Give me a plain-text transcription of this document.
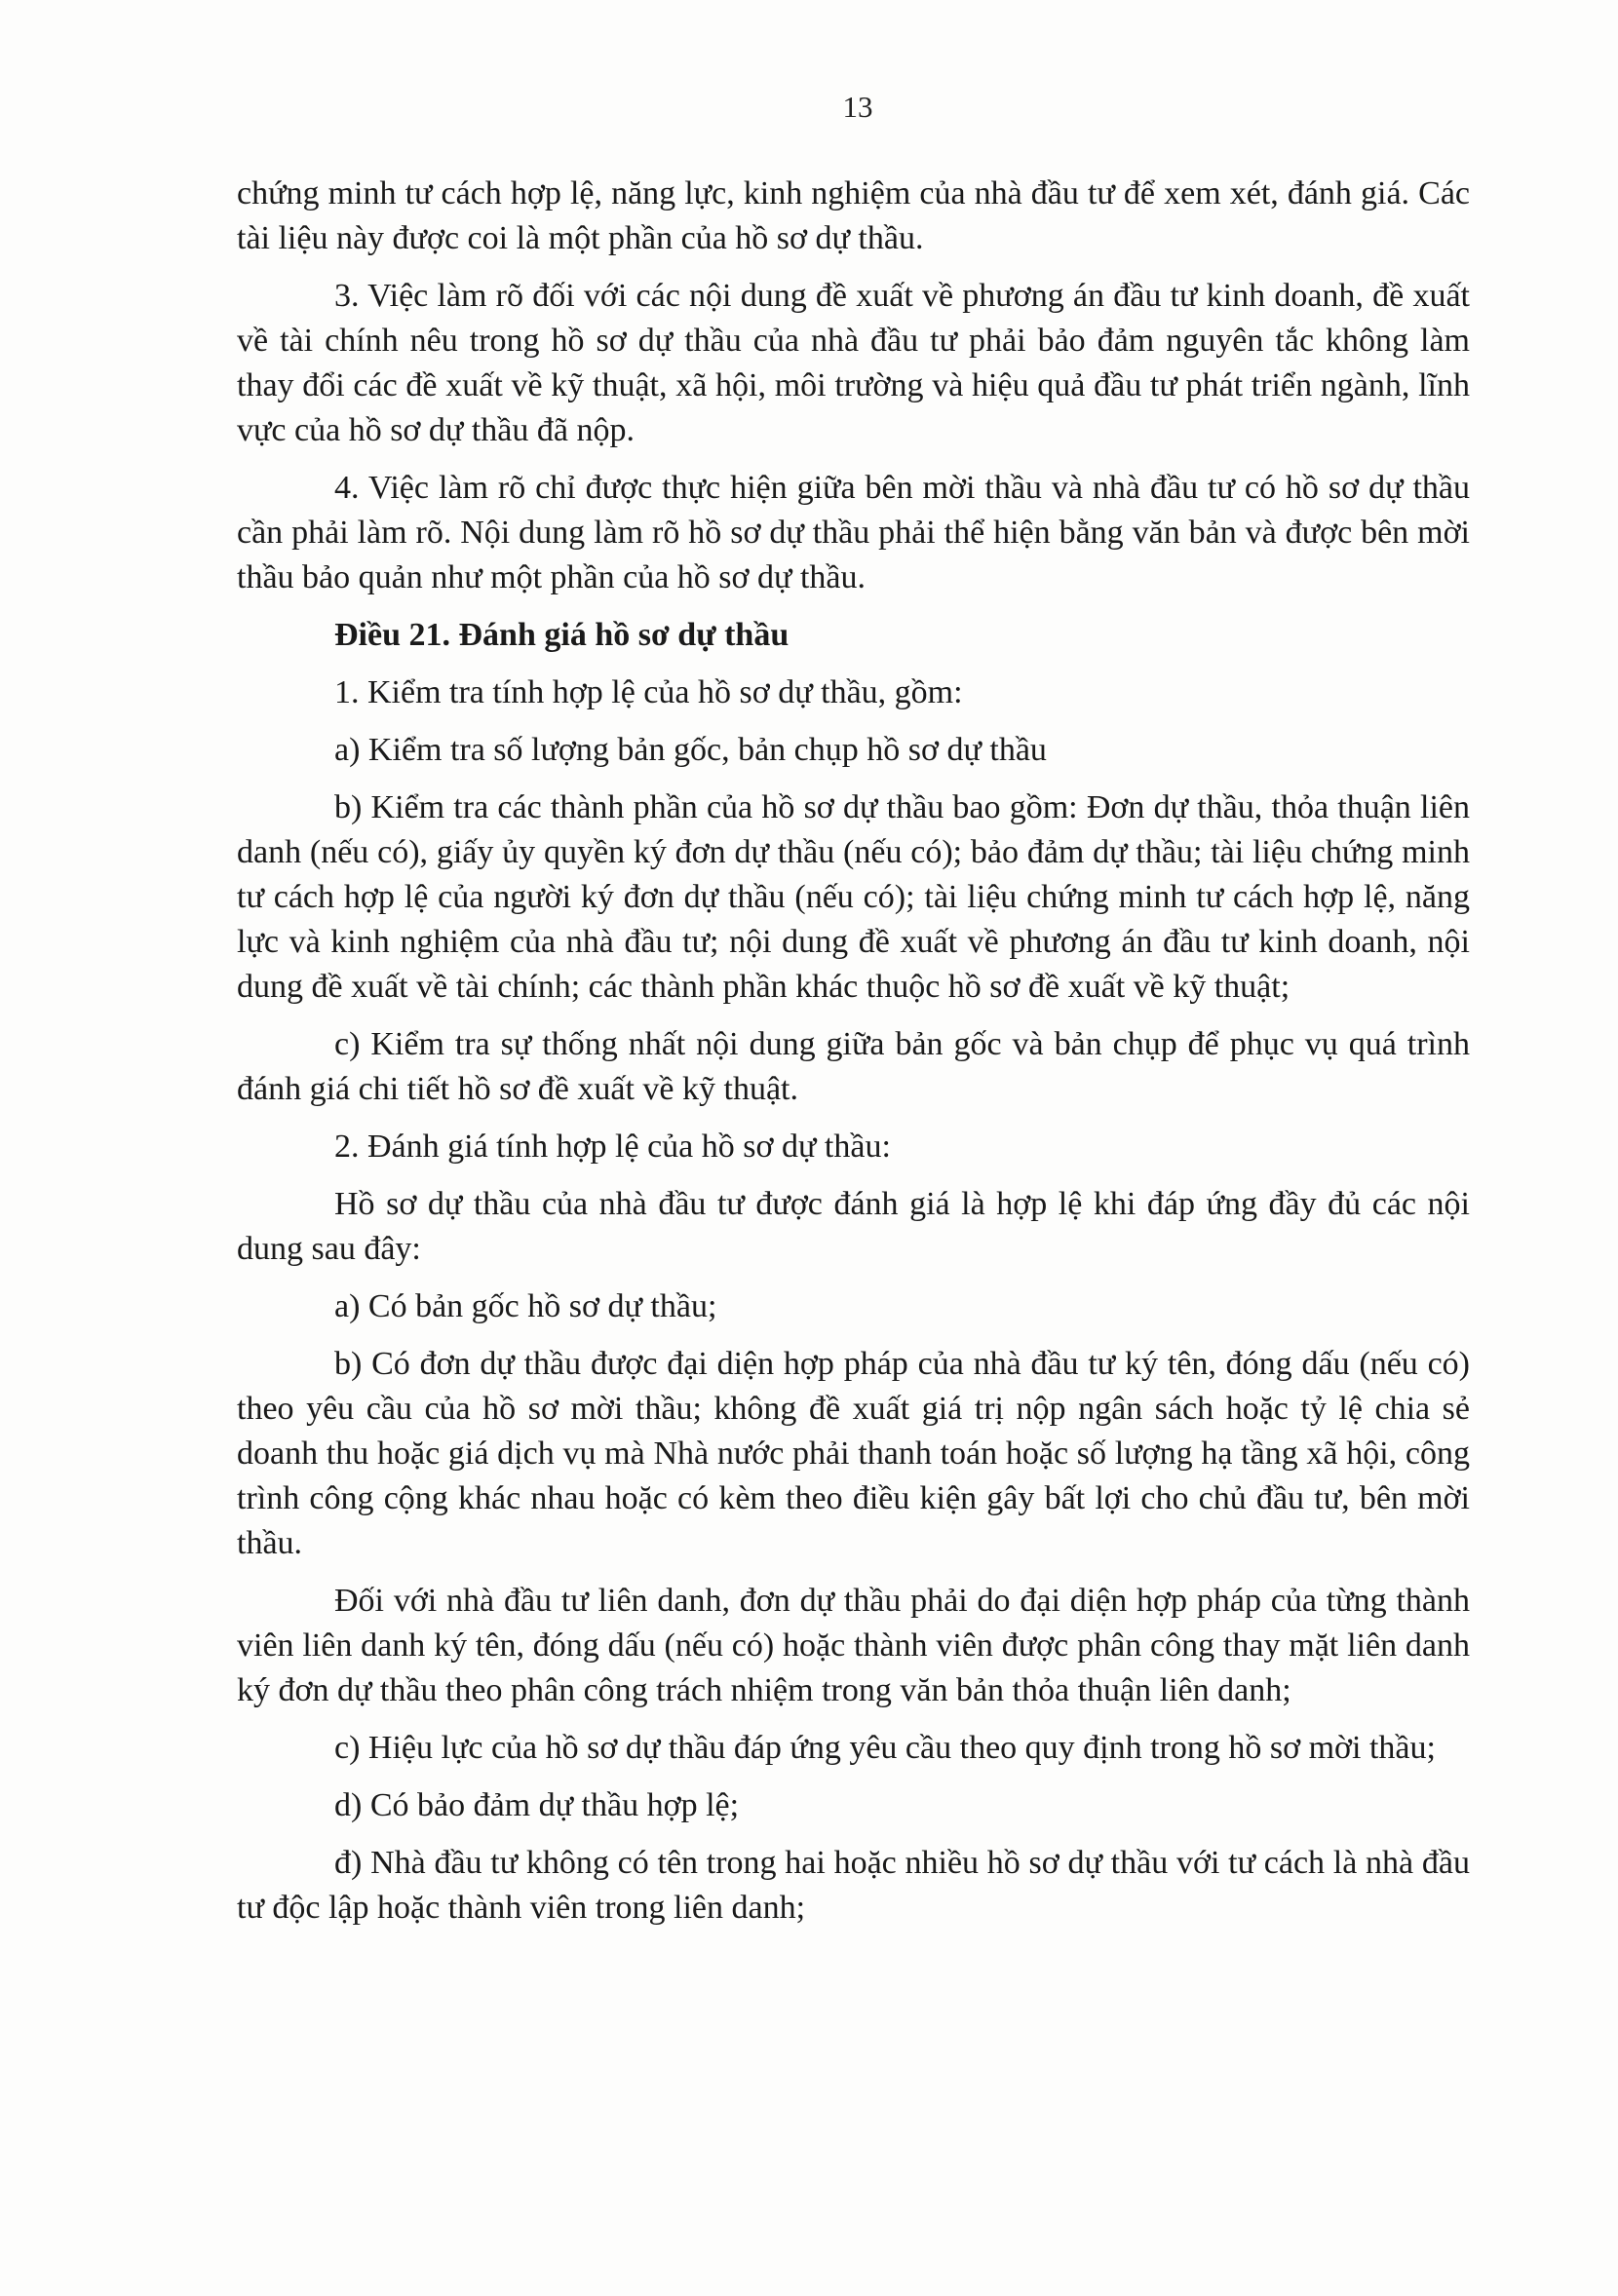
13

chứng minh tư cách hợp lệ, năng lực, kinh nghiệm của nhà đầu tư để xem xét, đánh giá. Các tài liệu này được coi là một phần của hồ sơ dự thầu.

3. Việc làm rõ đối với các nội dung đề xuất về phương án đầu tư kinh doanh, đề xuất về tài chính nêu trong hồ sơ dự thầu của nhà đầu tư phải bảo đảm nguyên tắc không làm thay đổi các đề xuất về kỹ thuật, xã hội, môi trường và hiệu quả đầu tư phát triển ngành, lĩnh vực của hồ sơ dự thầu đã nộp.

4. Việc làm rõ chỉ được thực hiện giữa bên mời thầu và nhà đầu tư có hồ sơ dự thầu cần phải làm rõ. Nội dung làm rõ hồ sơ dự thầu phải thể hiện bằng văn bản và được bên mời thầu bảo quản như một phần của hồ sơ dự thầu.

Điều 21. Đánh giá hồ sơ dự thầu

1. Kiểm tra tính hợp lệ của hồ sơ dự thầu, gồm:

a) Kiểm tra số lượng bản gốc, bản chụp hồ sơ dự thầu

b) Kiểm tra các thành phần của hồ sơ dự thầu bao gồm: Đơn dự thầu, thỏa thuận liên danh (nếu có), giấy ủy quyền ký đơn dự thầu (nếu có); bảo đảm dự thầu; tài liệu chứng minh tư cách hợp lệ của người ký đơn dự thầu (nếu có); tài liệu chứng minh tư cách hợp lệ, năng lực và kinh nghiệm của nhà đầu tư; nội dung đề xuất về phương án đầu tư kinh doanh, nội dung đề xuất về tài chính; các thành phần khác thuộc hồ sơ đề xuất về kỹ thuật;

c) Kiểm tra sự thống nhất nội dung giữa bản gốc và bản chụp để phục vụ quá trình đánh giá chi tiết hồ sơ đề xuất về kỹ thuật.

2. Đánh giá tính hợp lệ của hồ sơ dự thầu:

Hồ sơ dự thầu của nhà đầu tư được đánh giá là hợp lệ khi đáp ứng đầy đủ các nội dung sau đây:

a) Có bản gốc hồ sơ dự thầu;

b) Có đơn dự thầu được đại diện hợp pháp của nhà đầu tư ký tên, đóng dấu (nếu có) theo yêu cầu của hồ sơ mời thầu; không đề xuất giá trị nộp ngân sách hoặc tỷ lệ chia sẻ doanh thu hoặc giá dịch vụ mà Nhà nước phải thanh toán hoặc số lượng hạ tầng xã hội, công trình công cộng khác nhau hoặc có kèm theo điều kiện gây bất lợi cho chủ đầu tư, bên mời thầu.

Đối với nhà đầu tư liên danh, đơn dự thầu phải do đại diện hợp pháp của từng thành viên liên danh ký tên, đóng dấu (nếu có) hoặc thành viên được phân công thay mặt liên danh ký đơn dự thầu theo phân công trách nhiệm trong văn bản thỏa thuận liên danh;

c) Hiệu lực của hồ sơ dự thầu đáp ứng yêu cầu theo quy định trong hồ sơ mời thầu;

d) Có bảo đảm dự thầu hợp lệ;

đ) Nhà đầu tư không có tên trong hai hoặc nhiều hồ sơ dự thầu với tư cách là nhà đầu tư độc lập hoặc thành viên trong liên danh;
